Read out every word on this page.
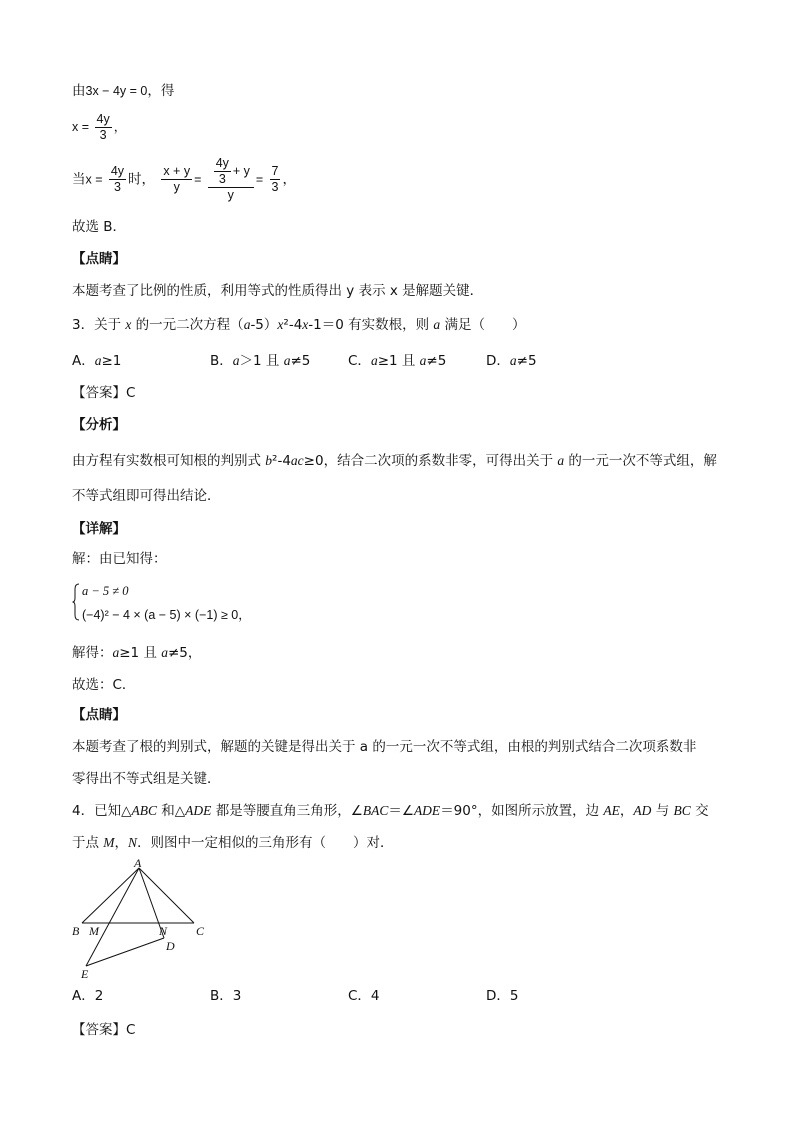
由3x − 4y = 0，得
$x = \frac{4y}{3}$ ，
当$x = \frac{4y}{3}$ 时， $\frac{x + y}{y} = \frac{\frac{4y}{3} + y}{y} = \frac{7}{3}$ ，
故选 B．
【点睛】
本题考查了比例的性质，利用等式的性质得出 y 表示 x 是解题关键．
3．关于 x 的一元二次方程（a-5）x²-4x-1＝0 有实数根，则 a 满足（　　）
A．a≥1	B．a＞1 且 a≠5	C．a≥1 且 a≠5	D．a≠5
【答案】C
【分析】
由方程有实数根可知根的判别式 b²-4ac≥0，结合二次项的系数非零，可得出关于 a 的一元一次不等式组，解
不等式组即可得出结论．
【详解】
解：由已知得：
a − 5 ≠ 0
(−4)² − 4 × (a − 5) × (−1) ≥ 0，
解得：a≥1 且 a≠5，
故选：C．
【点睛】
本题考查了根的判别式，解题的关键是得出关于 a 的一元一次不等式组，由根的判别式结合二次项系数非
零得出不等式组是关键．
4．已知△ABC 和△ADE 都是等腰直角三角形，∠BAC＝∠ADE＝90°，如图所示放置，边 AE，AD 与 BC 交
于点 M，N．则图中一定相似的三角形有（　　）对．
A
B M	N C
D
E
A．2	B．3	C．4	D．5
【答案】C
